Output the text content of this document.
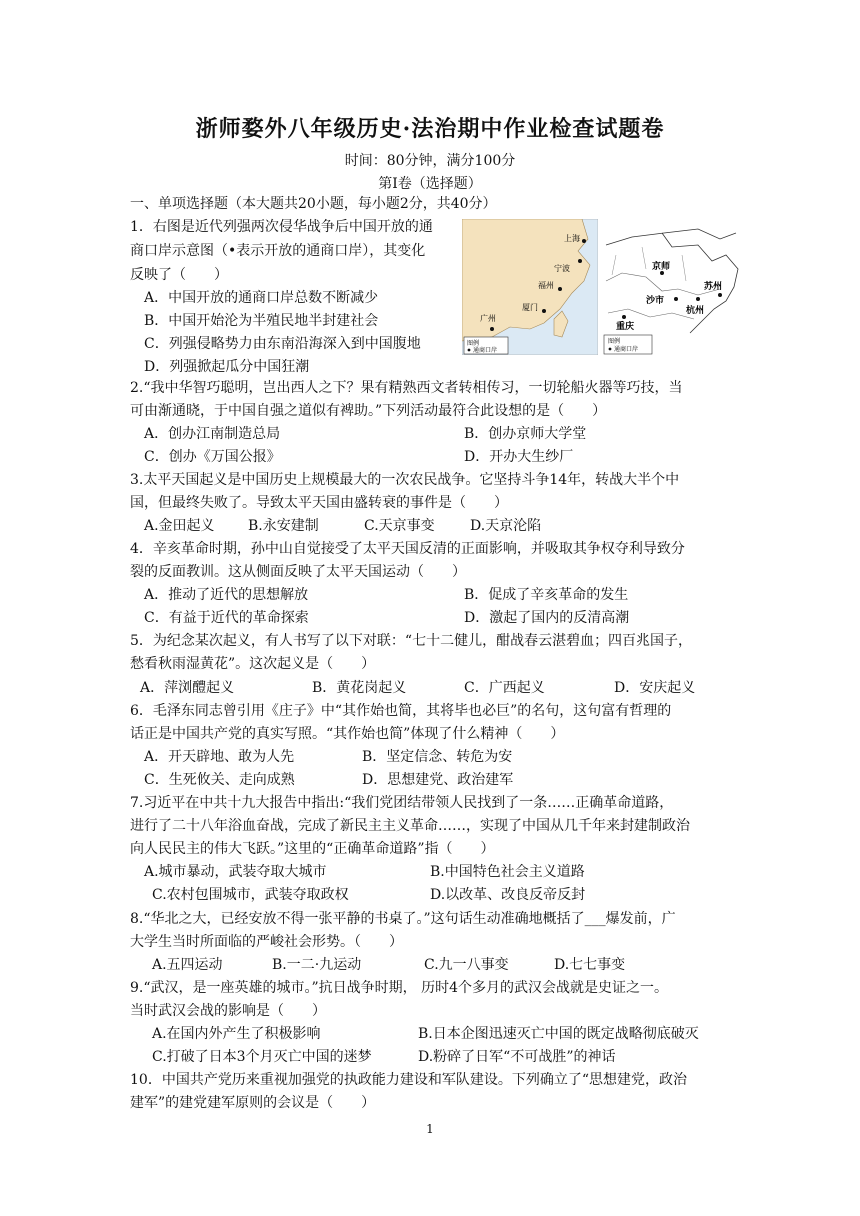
浙师婺外八年级历史·法治期中作业检查试题卷
时间：80分钟，满分100分
第Ⅰ卷（选择题）
一、单项选择题（本大题共20小题，每小题2分，共40分）
1．右图是近代列强两次侵华战争后中国开放的通
商口岸示意图（•表示开放的通商口岸），其变化
反映了（　　）
A．中国开放的通商口岸总数不断减少
B．中国开始沦为半殖民地半封建社会
C．列强侵略势力由东南沿海深入到中国腹地
D．列强掀起瓜分中国狂潮
上海
宁波
福州
厦门
广州
图例
通商口岸
京师
苏州
沙市
杭州
重庆
图例
通商口岸
2.“我中华智巧聪明，岂出西人之下？果有精熟西文者转相传习，一切轮船火器等巧技，当
可由渐通晓，于中国自强之道似有裨助。”下列活动最符合此设想的是（　　）
A．创办江南制造总局	B．创办京师大学堂
C．创办《万国公报》	D．开办大生纱厂
3.太平天国起义是中国历史上规模最大的一次农民战争。它坚持斗争14年，转战大半个中
国，但最终失败了。导致太平天国由盛转衰的事件是（　　）
A.金田起义 B.永安建制	C.天京事变	D.天京沦陷
4．辛亥革命时期，孙中山自觉接受了太平天国反清的正面影响，并吸取其争权夺利导致分
裂的反面教训。这从侧面反映了太平天国运动（　　）
A．推动了近代的思想解放	B．促成了辛亥革命的发生
C．有益于近代的革命探索	D．激起了国内的反清高潮
5．为纪念某次起义，有人书写了以下对联：“七十二健儿，酣战春云湛碧血；四百兆国子，
愁看秋雨湿黄花”。这次起义是（　　）
A．萍浏醴起义	B．黄花岗起义	C．广西起义	D．安庆起义
6．毛泽东同志曾引用《庄子》中“其作始也简，其将毕也必巨”的名句，这句富有哲理的
话正是中国共产党的真实写照。“其作始也简”体现了什么精神（　　）
A．开天辟地、敢为人先	B．坚定信念、转危为安
C．生死攸关、走向成熟	D．思想建党、政治建军
7.习近平在中共十九大报告中指出:“我们党团结带领人民找到了一条……正确革命道路，
进行了二十八年浴血奋战，完成了新民主主义革命……，实现了中国从几千年来封建制政治
向人民民主的伟大飞跃。”这里的“正确革命道路”指（　　）
A.城市暴动，武装夺取大城市	B.中国特色社会主义道路
C.农村包围城市，武装夺取政权	D.以改革、改良反帝反封
8.“华北之大，已经安放不得一张平静的书桌了。”这句话生动准确地概括了___爆发前，广
大学生当时所面临的严峻社会形势。（　　）
A.五四运动	B.一二·九运动	C.九一八事变	D.七七事变
9.“武汉，是一座英雄的城市。”抗日战争时期， 历时4个多月的武汉会战就是史证之一。
当时武汉会战的影响是（　　）
A.在国内外产生了积极影响	B.日本企图迅速灭亡中国的既定战略彻底破灭
C.打破了日本3个月灭亡中国的迷梦	D.粉碎了日军“不可战胜”的神话
10．中国共产党历来重视加强党的执政能力建设和军队建设。下列确立了“思想建党，政治
建军”的建党建军原则的会议是（　　）
1
